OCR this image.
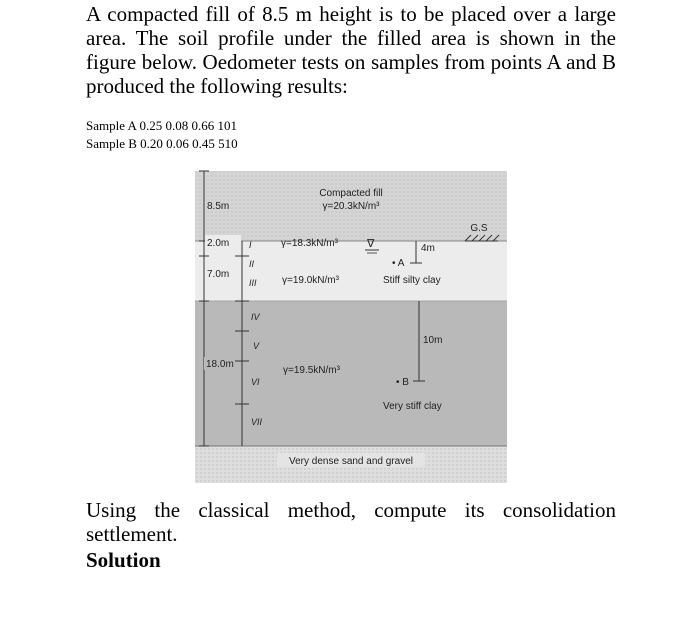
A compacted fill of 8.5 m height is to be placed over a large area. The soil profile under the filled area is shown in the figure below. Oedometer tests on samples from points A and B produced the following results:
Sample A 0.25 0.08 0.66 101
Sample B 0.20 0.06 0.45 510
8.5m
2.0m
7.0m
18.0m
I
II
III
IV
V
VI
VII
Compacted fill
γ=20.3kN/m³
G.S
γ=18.3kN/m³	∇	4m
• A
γ=19.0kN/m³	Stiff silty clay
10m
• B
γ=19.5kN/m³
Very stiff clay
Very dense sand and gravel
Using the classical method, compute its consolidation settlement.
Solution
